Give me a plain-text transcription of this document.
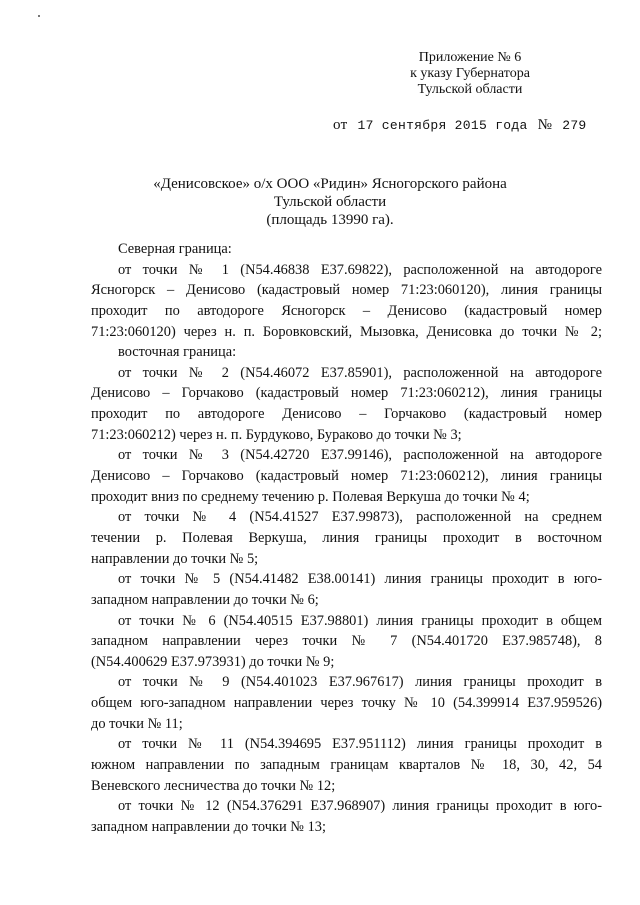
Приложение № 6
к указу Губернатора
Тульской области
от 17 сентября 2015 года № 279
«Денисовское» о/х ООО «Ридин» Ясногорского района
Тульской области
(площадь 13990 га).
Северная граница:
от точки № 1 (N54.46838 E37.69822), расположенной на автодороге
Ясногорск – Денисово (кадастровый номер 71:23:060120), линия границы
проходит по автодороге Ясногорск – Денисово (кадастровый номер
71:23:060120) через н. п. Боровковский, Мызовка, Денисовка до точки № 2;
восточная граница:
от точки № 2 (N54.46072 E37.85901), расположенной на автодороге
Денисово – Горчаково (кадастровый номер 71:23:060212), линия границы
проходит по автодороге Денисово – Горчаково (кадастровый номер
71:23:060212) через н. п. Бурдуково, Бураково до точки № 3;
от точки № 3 (N54.42720 E37.99146), расположенной на автодороге
Денисово – Горчаково (кадастровый номер 71:23:060212), линия границы
проходит вниз по среднему течению р. Полевая Веркуша до точки № 4;
от точки № 4 (N54.41527 E37.99873), расположенной на среднем
течении р. Полевая Веркуша, линия границы проходит в восточном
направлении до точки № 5;
от точки № 5 (N54.41482 E38.00141) линия границы проходит в юго-
западном направлении до точки № 6;
от точки № 6 (N54.40515 E37.98801) линия границы проходит в общем
западном направлении через точки № 7 (N54.401720 E37.985748), 8
(N54.400629 E37.973931) до точки № 9;
от точки № 9 (N54.401023 E37.967617) линия границы проходит в
общем юго-западном направлении через точку № 10 (54.399914 E37.959526)
до точки № 11;
от точки № 11 (N54.394695 E37.951112) линия границы проходит в
южном направлении по западным границам кварталов № 18, 30, 42, 54
Веневского лесничества до точки № 12;
от точки № 12 (N54.376291 E37.968907) линия границы проходит в юго-
западном направлении до точки № 13;
